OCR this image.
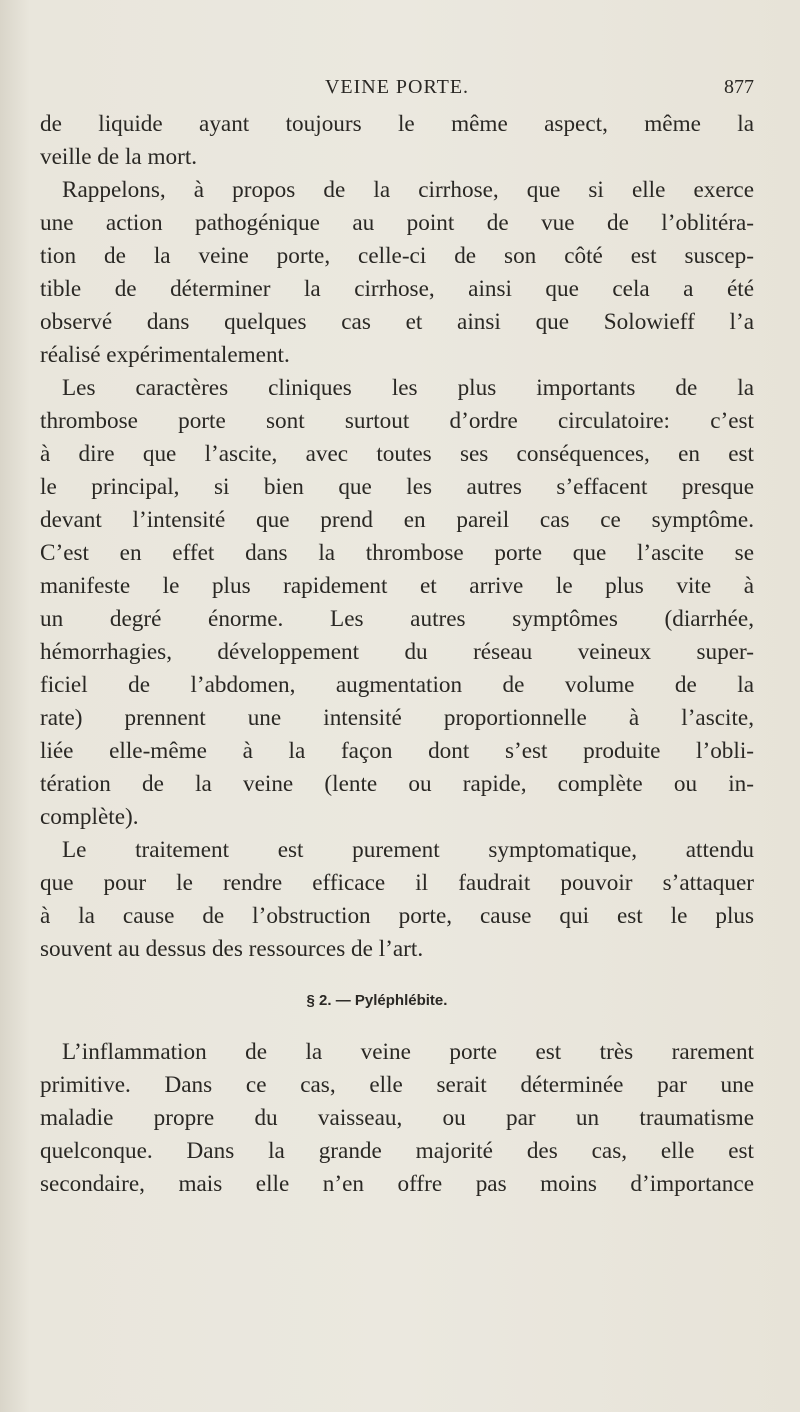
VEINE PORTE.	877
de liquide ayant toujours le même aspect, même la
veille de la mort.
Rappelons, à propos de la cirrhose, que si elle exerce
une action pathogénique au point de vue de l’oblitéra-
tion de la veine porte, celle-ci de son côté est suscep-
tible de déterminer la cirrhose, ainsi que cela a été
observé dans quelques cas et ainsi que Solowieff l’a
réalisé expérimentalement.
Les caractères cliniques les plus importants de la
thrombose porte sont surtout d’ordre circulatoire: c’est
à dire que l’ascite, avec toutes ses conséquences, en est
le principal, si bien que les autres s’effacent presque
devant l’intensité que prend en pareil cas ce symptôme.
C’est en effet dans la thrombose porte que l’ascite se
manifeste le plus rapidement et arrive le plus vite à
un degré énorme. Les autres symptômes (diarrhée,
hémorrhagies, développement du réseau veineux super-
ficiel de l’abdomen, augmentation de volume de la
rate) prennent une intensité proportionnelle à l’ascite,
liée elle-même à la façon dont s’est produite l’obli-
tération de la veine (lente ou rapide, complète ou in-
complète).
Le traitement est purement symptomatique, attendu
que pour le rendre efficace il faudrait pouvoir s’attaquer
à la cause de l’obstruction porte, cause qui est le plus
souvent au dessus des ressources de l’art.
§ 2. — Pyléphlébite.
L’inflammation de la veine porte est très rarement
primitive. Dans ce cas, elle serait déterminée par une
maladie propre du vaisseau, ou par un traumatisme
quelconque. Dans la grande majorité des cas, elle est
secondaire, mais elle n’en offre pas moins d’importance
